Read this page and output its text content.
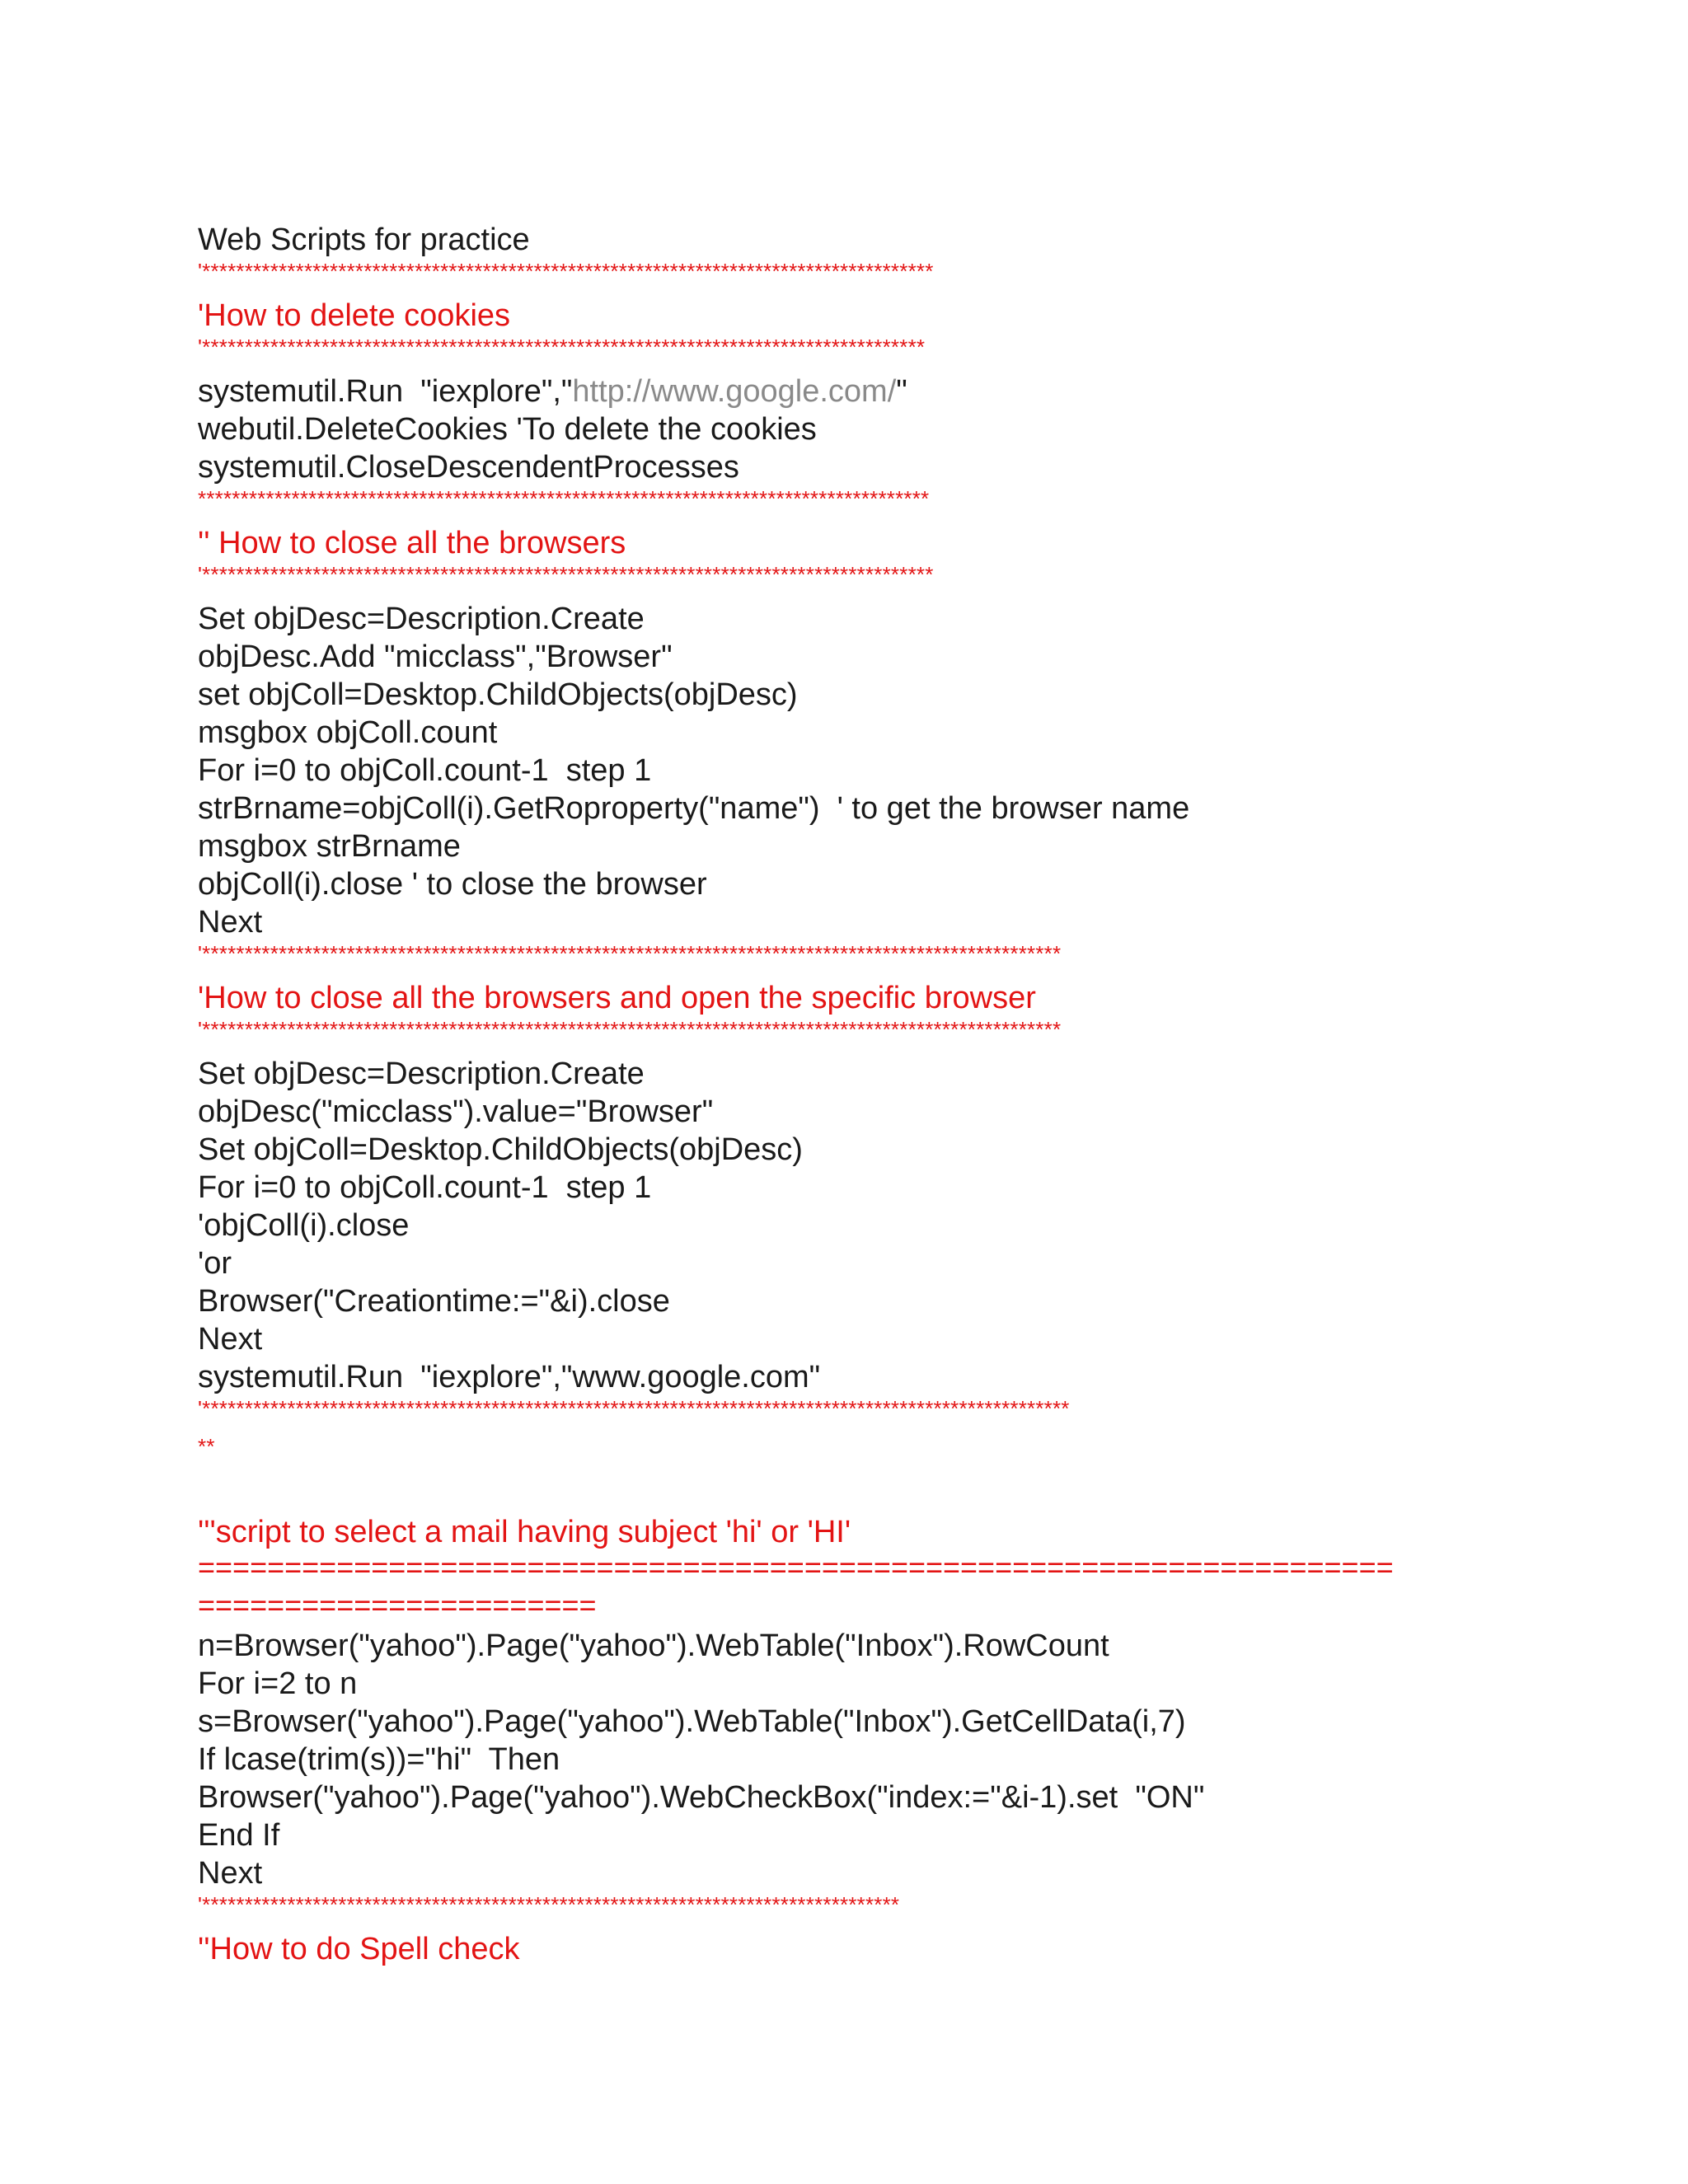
Web Scripts for practice
'**************************************************************************************
'How to delete cookies
'*************************************************************************************
systemutil.Run  "iexplore","http://www.google.com/"
webutil.DeleteCookies 'To delete the cookies
systemutil.CloseDescendentProcesses
**************************************************************************************
'' How to close all the browsers
'**************************************************************************************
Set objDesc=Description.Create
objDesc.Add "micclass","Browser"
set objColl=Desktop.ChildObjects(objDesc)
msgbox objColl.count
For i=0 to objColl.count-1  step 1
strBrname=objColl(i).GetRoproperty("name")  ' to get the browser name
msgbox strBrname
objColl(i).close ' to close the browser
Next
'*****************************************************************************************************
'How to close all the browsers and open the specific browser
'*****************************************************************************************************
Set objDesc=Description.Create
objDesc("micclass").value="Browser"
Set objColl=Desktop.ChildObjects(objDesc)
For i=0 to objColl.count-1  step 1
'objColl(i).close
'or
Browser("Creationtime:="&i).close
Next
systemutil.Run  "iexplore","www.google.com"
'******************************************************************************************************
**
'''script to select a mail having subject 'hi' or 'HI'
=====================================================================
=======================
n=Browser("yahoo").Page("yahoo").WebTable("Inbox").RowCount
For i=2 to n
s=Browser("yahoo").Page("yahoo").WebTable("Inbox").GetCellData(i,7)
If lcase(trim(s))="hi"  Then
Browser("yahoo").Page("yahoo").WebCheckBox("index:="&i-1).set  "ON"
End If
Next
'**********************************************************************************
''How to do Spell check
